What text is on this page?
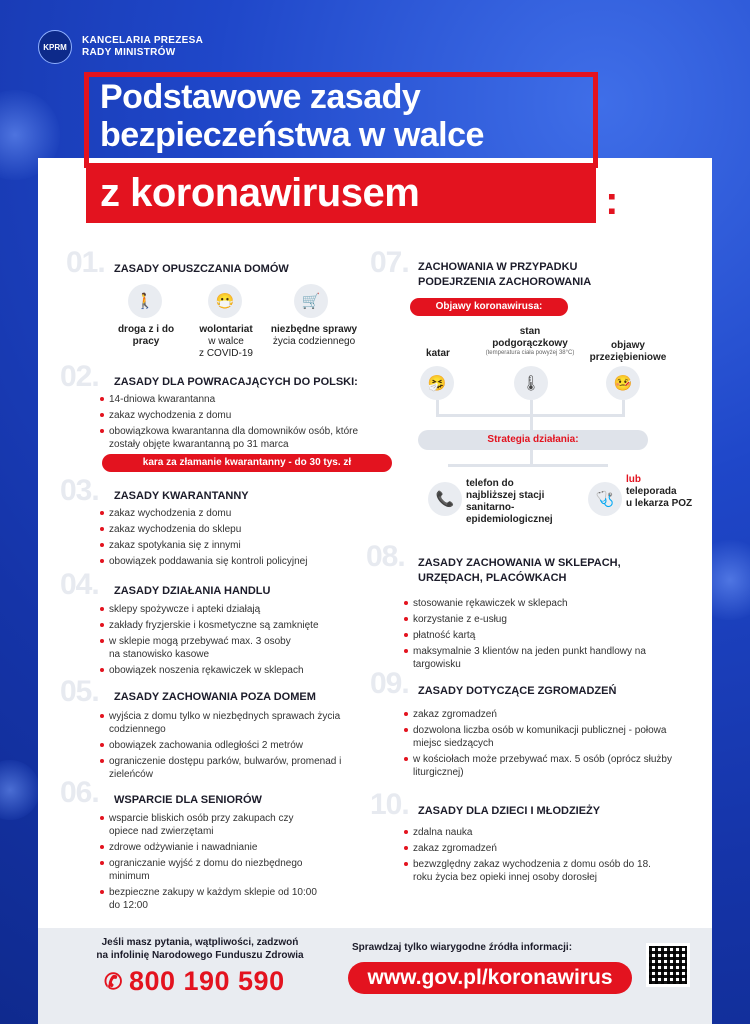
KPRM
KANCELARIA PREZESA
RADY MINISTRÓW
Podstawowe zasady
bezpieczeństwa w walce
z koronawirusem	:
01. ZASADY OPUSZCZANIA DOMÓW
🚶	😷	🛒
droga z i do
pracy
wolontariat
w walce
z COVID-19
niezbędne sprawy
życia codziennego
02. ZASADY DLA POWRACAJĄCYCH DO POLSKI:
14-dniowa kwarantanna
zakaz wychodzenia z domu
obowiązkowa kwarantanna dla domowników osób, które zostały objęte kwarantanną po 31 marca
kara za złamanie kwarantanny - do 30 tys. zł
03. ZASADY KWARANTANNY
zakaz wychodzenia z domu
zakaz wychodzenia do sklepu
zakaz spotykania się z innymi
obowiązek poddawania się kontroli policyjnej
04. ZASADY DZIAŁANIA HANDLU
sklepy spożywcze i apteki działają
zakłady fryzjerskie i kosmetyczne są zamknięte
w sklepie mogą przebywać max. 3 osoby na stanowisko kasowe
obowiązek noszenia rękawiczek w sklepach
05. ZASADY ZACHOWANIA POZA DOMEM
wyjścia z domu tylko w niezbędnych sprawach życia codziennego
obowiązek zachowania odległości 2 metrów
ograniczenie dostępu parków, bulwarów, promenad i zieleńców
06. WSPARCIE DLA SENIORÓW
wsparcie bliskich osób przy zakupach czy opiece nad zwierzętami
zdrowe odżywianie i nawadnianie
ograniczanie wyjść z domu do niezbędnego minimum
bezpieczne zakupy w każdym sklepie od 10:00 do 12:00
07. ZACHOWANIA W PRZYPADKU
PODEJRZENIA ZACHOROWANIA
Objawy koronawirusa:
katar
stan
podgorączkowy
(temperatura ciała powyżej 38°C)
objawy
przeziębieniowe
🤧	🌡	🤒
Strategia działania:
📞	🩺
telefon do
najbliższej stacji
sanitarno-
epidemiologicznej
lub
teleporada
u lekarza POZ
08. ZASADY ZACHOWANIA W SKLEPACH,
URZĘDACH, PLACÓWKACH
stosowanie rękawiczek w sklepach
korzystanie z e-usług
płatność kartą
maksymalnie 3 klientów na jeden punkt handlowy na targowisku
09. ZASADY DOTYCZĄCE ZGROMADZEŃ
zakaz zgromadzeń
dozwolona liczba osób w komunikacji publicznej - połowa miejsc siedzących
w kościołach może przebywać max. 5 osób (oprócz służby liturgicznej)
10. ZASADY DLA DZIECI I MŁODZIEŻY
zdalna nauka
zakaz zgromadzeń
bezwzględny zakaz wychodzenia z domu osób do 18. roku życia bez opieki innej osoby dorosłej
Jeśli masz pytania, wątpliwości, zadzwoń
na infolinię Narodowego Funduszu Zdrowia
✆ 800 190 590
Sprawdzaj tylko wiarygodne źródła informacji:
www.gov.pl/koronawirus
